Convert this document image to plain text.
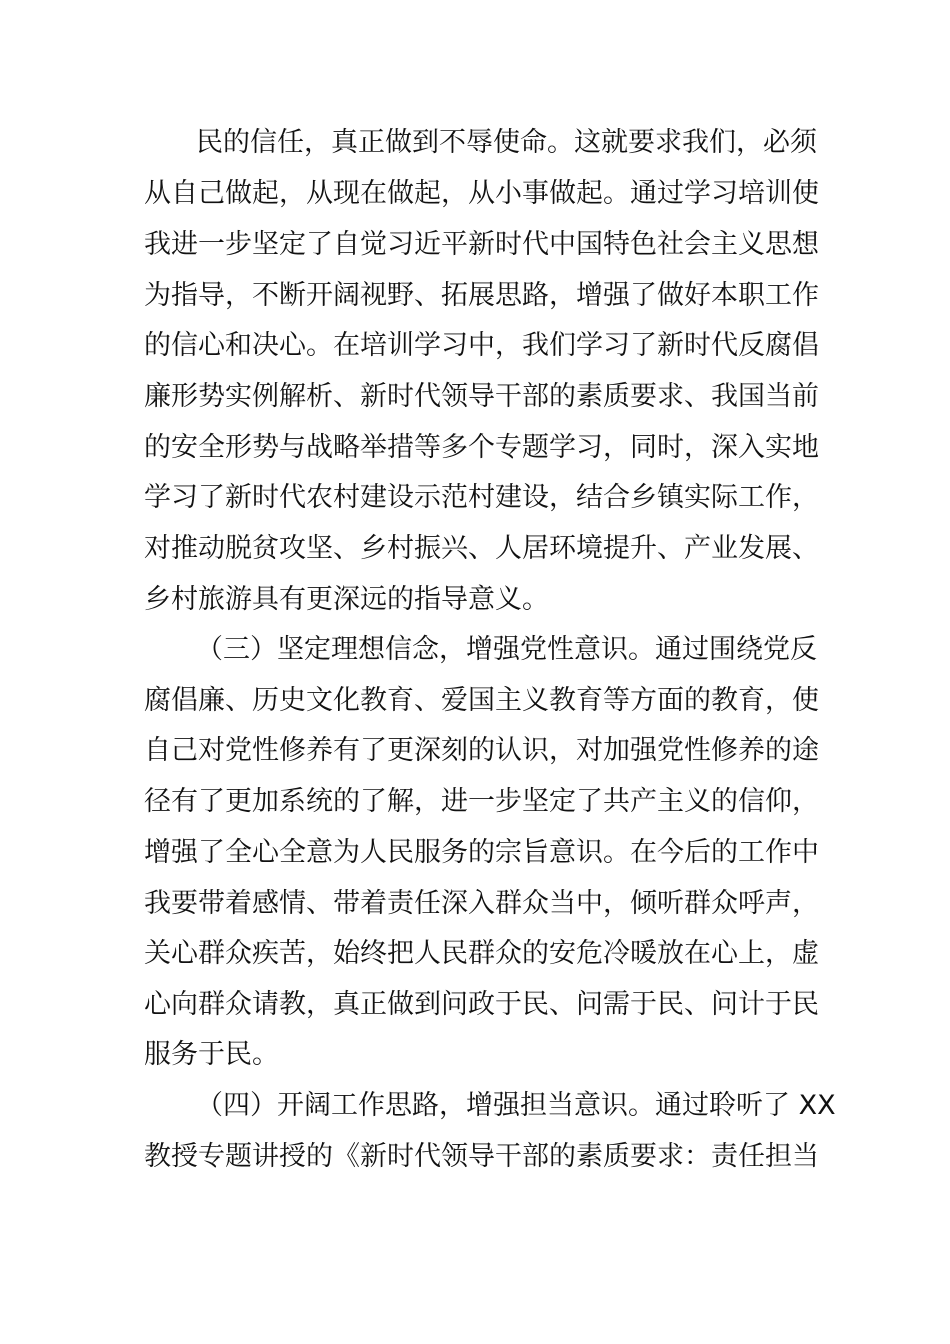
民的信任，真正做到不辱使命。这就要求我们，必须
从自己做起，从现在做起，从小事做起。通过学习培训使
我进一步坚定了自觉习近平新时代中国特色社会主义思想
为指导，不断开阔视野、拓展思路，增强了做好本职工作
的信心和决心。在培训学习中，我们学习了新时代反腐倡
廉形势实例解析、新时代领导干部的素质要求、我国当前
的安全形势与战略举措等多个专题学习，同时，深入实地
学习了新时代农村建设示范村建设，结合乡镇实际工作，
对推动脱贫攻坚、乡村振兴、人居环境提升、产业发展、
乡村旅游具有更深远的指导意义。
（三）坚定理想信念，增强党性意识。通过围绕党反
腐倡廉、历史文化教育、爱国主义教育等方面的教育，使
自己对党性修养有了更深刻的认识，对加强党性修养的途
径有了更加系统的了解，进一步坚定了共产主义的信仰，
增强了全心全意为人民服务的宗旨意识。在今后的工作中
我要带着感情、带着责任深入群众当中，倾听群众呼声，
关心群众疾苦，始终把人民群众的安危冷暖放在心上，虚
心向群众请教，真正做到问政于民、问需于民、问计于民
服务于民。
（四）开阔工作思路，增强担当意识。通过聆听了 XX
教授专题讲授的《新时代领导干部的素质要求：责任担当
